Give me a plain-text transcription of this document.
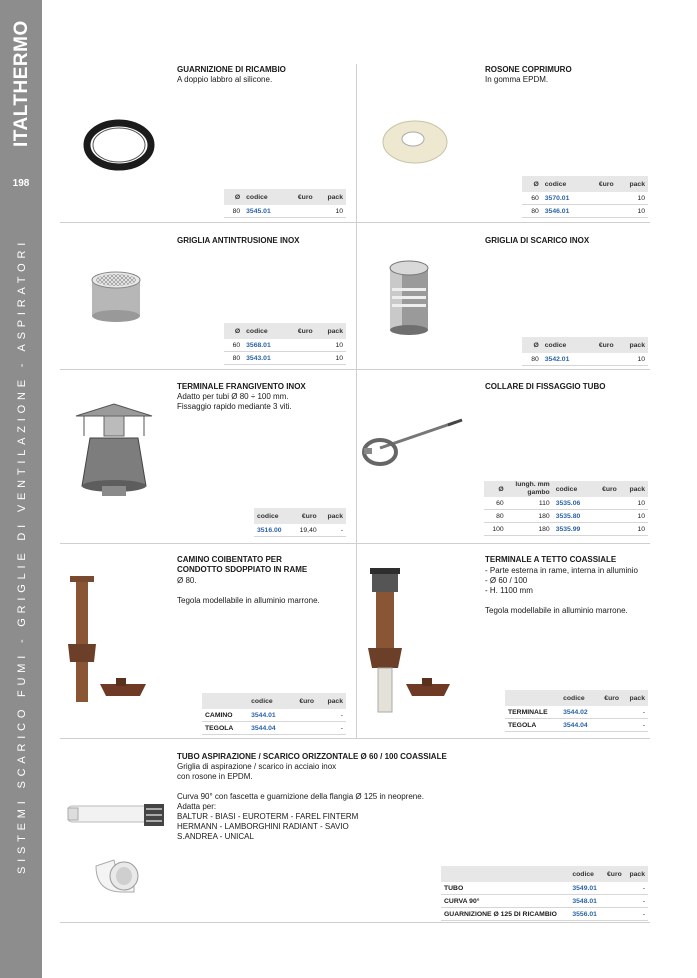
ITALTHERMO
198
SISTEMI SCARICO FUMI - GRIGLIE DI VENTILAZIONE - ASPIRATORI
GUARNIZIONE DI RICAMBIO
A doppio labbro al silicone.
Ø	codice	€uro	pack
80	3545.01		10
ROSONE COPRIMURO
In gomma EPDM.
Ø	codice	€uro	pack
60	3570.01		10
80	3546.01		10
GRIGLIA ANTINTRUSIONE INOX
Ø	codice	€uro	pack
60	3568.01		10
80	3543.01		10
GRIGLIA DI SCARICO INOX
Ø	codice	€uro	pack
80	3542.01		10
TERMINALE FRANGIVENTO INOX
Adatto per tubi Ø 80 ÷ 100 mm.
Fissaggio rapido mediante 3 viti.
codice	€uro	pack
3516.00	19,40	-
COLLARE DI FISSAGGIO TUBO
Ø	lungh. mm gambo	codice	€uro	pack
60	110	3535.06		10
80	180	3535.80		10
100	180	3535.99		10
CAMINO COIBENTATO PER
CONDOTTO SDOPPIATO IN RAME
Ø 80.

Tegola modellabile in alluminio marrone.
	codice	€uro	pack
CAMINO	3544.01		-
TEGOLA	3544.04		-
TERMINALE A TETTO COASSIALE
- Parte esterna in rame, interna in alluminio
- Ø 60 / 100
- H. 1100 mm

Tegola modellabile in alluminio marrone.
	codice	€uro	pack
TERMINALE	3544.02		-
TEGOLA	3544.04		-
TUBO ASPIRAZIONE / SCARICO ORIZZONTALE Ø 60 / 100 COASSIALE
Griglia di aspirazione / scarico in acciaio inox
con rosone in EPDM.

Curva 90° con fascetta e guarnizione della flangia Ø 125 in neoprene.
Adatta per:
BALTUR - BIASI - EUROTERM - FAREL FINTERM
HERMANN - LAMBORGHINI RADIANT - SAVIO
S.ANDREA - UNICAL
	codice	€uro	pack
TUBO	3549.01		-
CURVA 90°	3548.01		-
GUARNIZIONE Ø 125 DI RICAMBIO	3556.01		-
